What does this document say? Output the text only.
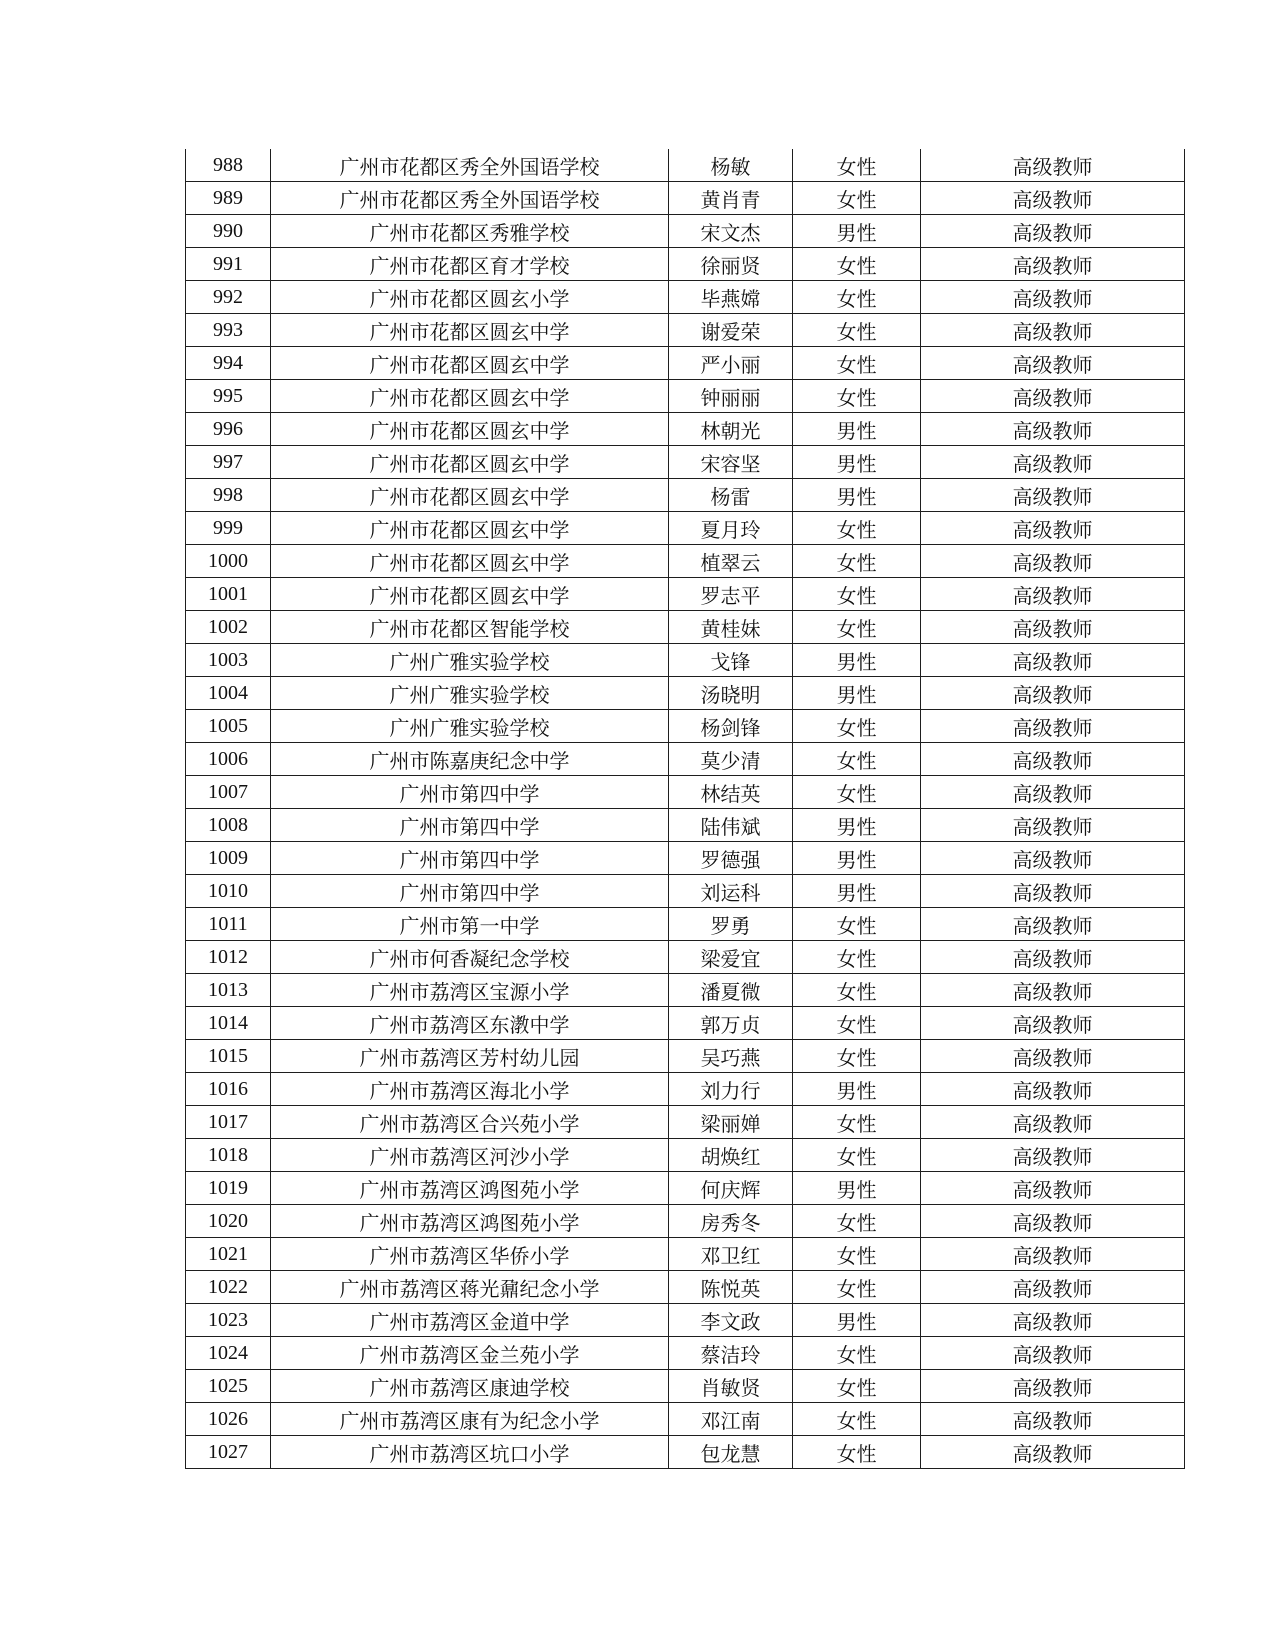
988	广州市花都区秀全外国语学校	杨敏	女性	高级教师
989	广州市花都区秀全外国语学校	黄肖青	女性	高级教师
990	广州市花都区秀雅学校	宋文杰	男性	高级教师
991	广州市花都区育才学校	徐丽贤	女性	高级教师
992	广州市花都区圆玄小学	毕燕嫦	女性	高级教师
993	广州市花都区圆玄中学	谢爱荣	女性	高级教师
994	广州市花都区圆玄中学	严小丽	女性	高级教师
995	广州市花都区圆玄中学	钟丽丽	女性	高级教师
996	广州市花都区圆玄中学	林朝光	男性	高级教师
997	广州市花都区圆玄中学	宋容坚	男性	高级教师
998	广州市花都区圆玄中学	杨雷	男性	高级教师
999	广州市花都区圆玄中学	夏月玲	女性	高级教师
1000	广州市花都区圆玄中学	植翠云	女性	高级教师
1001	广州市花都区圆玄中学	罗志平	女性	高级教师
1002	广州市花都区智能学校	黄桂妹	女性	高级教师
1003	广州广雅实验学校	戈锋	男性	高级教师
1004	广州广雅实验学校	汤晓明	男性	高级教师
1005	广州广雅实验学校	杨剑锋	女性	高级教师
1006	广州市陈嘉庚纪念中学	莫少清	女性	高级教师
1007	广州市第四中学	林结英	女性	高级教师
1008	广州市第四中学	陆伟斌	男性	高级教师
1009	广州市第四中学	罗德强	男性	高级教师
1010	广州市第四中学	刘运科	男性	高级教师
1011	广州市第一中学	罗勇	女性	高级教师
1012	广州市何香凝纪念学校	梁爱宜	女性	高级教师
1013	广州市荔湾区宝源小学	潘夏微	女性	高级教师
1014	广州市荔湾区东漖中学	郭万贞	女性	高级教师
1015	广州市荔湾区芳村幼儿园	吴巧燕	女性	高级教师
1016	广州市荔湾区海北小学	刘力行	男性	高级教师
1017	广州市荔湾区合兴苑小学	梁丽婵	女性	高级教师
1018	广州市荔湾区河沙小学	胡焕红	女性	高级教师
1019	广州市荔湾区鸿图苑小学	何庆辉	男性	高级教师
1020	广州市荔湾区鸿图苑小学	房秀冬	女性	高级教师
1021	广州市荔湾区华侨小学	邓卫红	女性	高级教师
1022	广州市荔湾区蒋光鼐纪念小学	陈悦英	女性	高级教师
1023	广州市荔湾区金道中学	李文政	男性	高级教师
1024	广州市荔湾区金兰苑小学	蔡洁玲	女性	高级教师
1025	广州市荔湾区康迪学校	肖敏贤	女性	高级教师
1026	广州市荔湾区康有为纪念小学	邓江南	女性	高级教师
1027	广州市荔湾区坑口小学	包龙慧	女性	高级教师
